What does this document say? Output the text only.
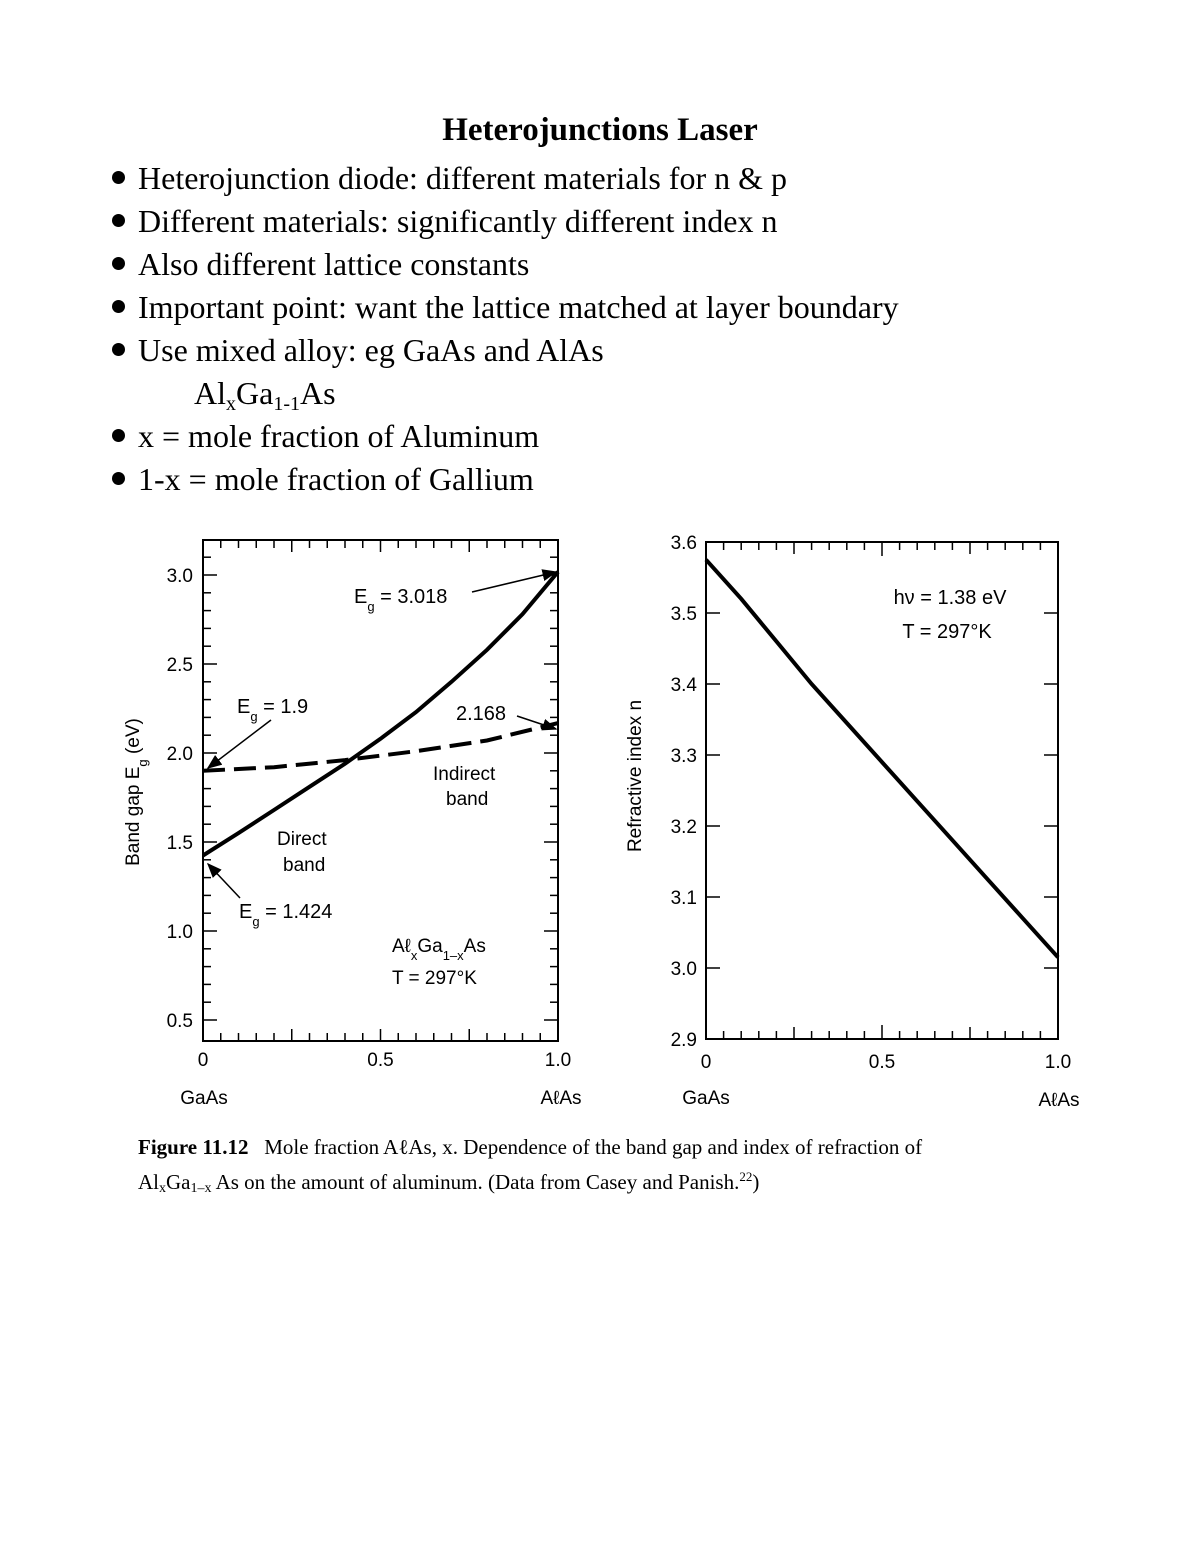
Heterojunctions Laser
Heterojunction diode: different materials for n & p
Different materials: significantly different index n
Also different lattice constants
Important point: want the lattice matched at layer boundary
Use mixed alloy: eg GaAs and AlAs
AlxGa1-1As
x = mole fraction of Aluminum
1-x = mole fraction of Gallium
0.5
1.0
1.5
2.0
2.5
3.0
0	0.5	1.0
Band gap $E_g$ (eV)
GaAs	AℓAs
$E_g = 3.018$
$E_g = 1.9$	2.168
Indirect
band
Direct
band
$E_g = 1.424$
$A\ell_xGa_{1-x}As$
T = 297°K
2.9
3.0
3.1
3.2
3.3
3.4
3.5
3.6
0	0.5	1.0
Refractive index n
GaAs	AℓAs
hν = 1.38 eV
T = 297°K
Figure 11.12 Mole fraction AℓAs, x. Dependence of the band gap and index of refraction of
AlxGa1–x As on the amount of aluminum. (Data from Casey and Panish.$^{22}$)
